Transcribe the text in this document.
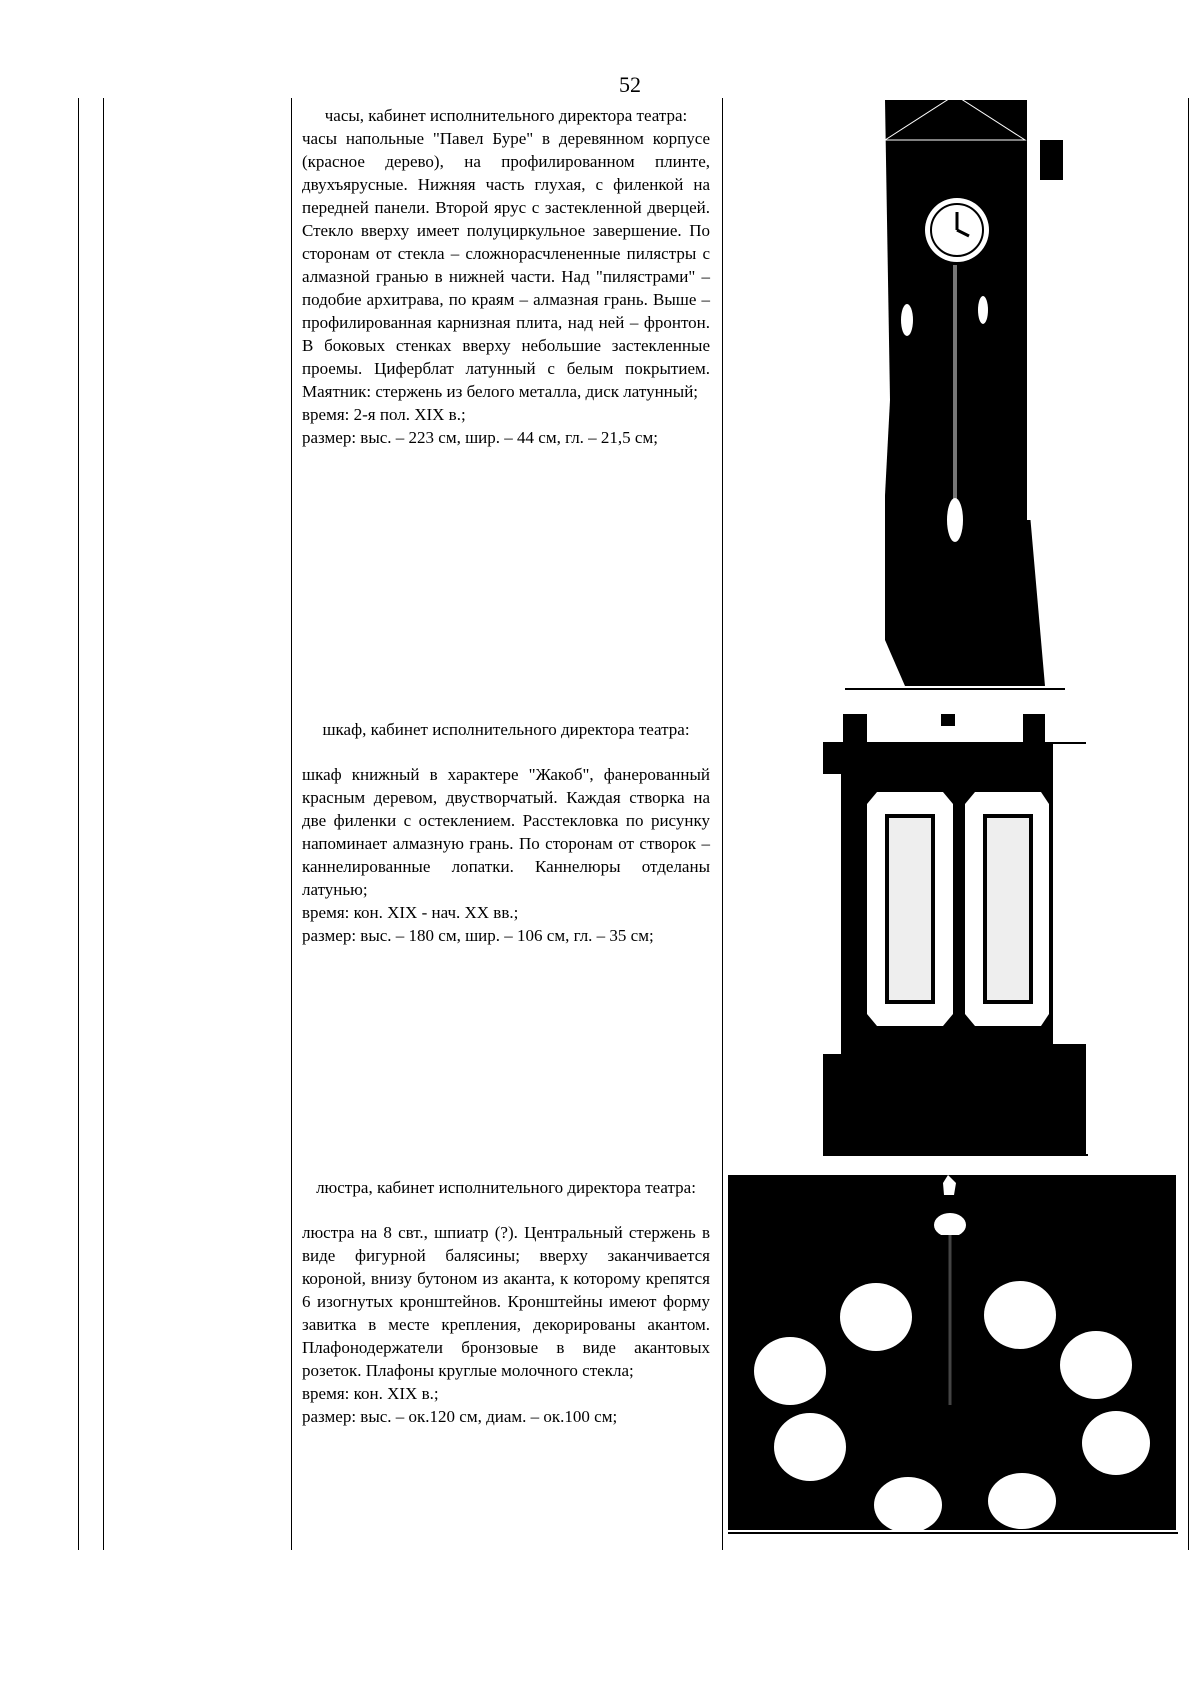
52
часы, кабинет исполнительного директора театра:
часы напольные "Павел Буре" в деревянном корпусе (красное дерево), на профилированном плинте, двухъярусные. Нижняя часть глухая, с филенкой на передней панели. Второй ярус с застекленной дверцей. Стекло вверху имеет полуциркульное завершение. По сторонам от стекла – сложнорасчлененные пилястры с алмазной гранью в нижней части. Над "пилястрами" – подобие архитрава, по краям – алмазная грань. Выше – профилированная карнизная плита, над ней – фронтон. В боковых стенках вверху небольшие застекленные проемы. Циферблат латунный с белым покрытием. Маятник: стержень из белого металла, диск латунный;
время: 2-я пол. XIX в.;
размер: выс. – 223 см, шир. – 44 см, гл. – 21,5 см;
шкаф, кабинет исполнительного директора театра:
шкаф книжный в характере "Жакоб", фанерованный красным деревом, двустворчатый. Каждая створка на две филенки с остеклением. Расстекловка по рисунку напоминает алмазную грань. По сторонам от створок – каннелированные лопатки. Каннелюры отделаны латунью;
время: кон. XIX - нач. XX вв.;
размер: выс. – 180 см, шир. – 106 см, гл. – 35 см;
люстра, кабинет исполнительного директора театра:
люстра на 8 свт., шпиатр (?). Центральный стержень в виде фигурной балясины; вверху заканчивается короной, внизу бутоном из аканта, к которому крепятся 6 изогнутых кронштейнов. Кронштейны имеют форму завитка в месте крепления, декорированы акантом. Плафонодержатели бронзовые в виде акантовых розеток. Плафоны круглые молочного стекла;
время: кон. XIX в.;
размер: выс. – ок.120 см, диам. – ок.100 см;
